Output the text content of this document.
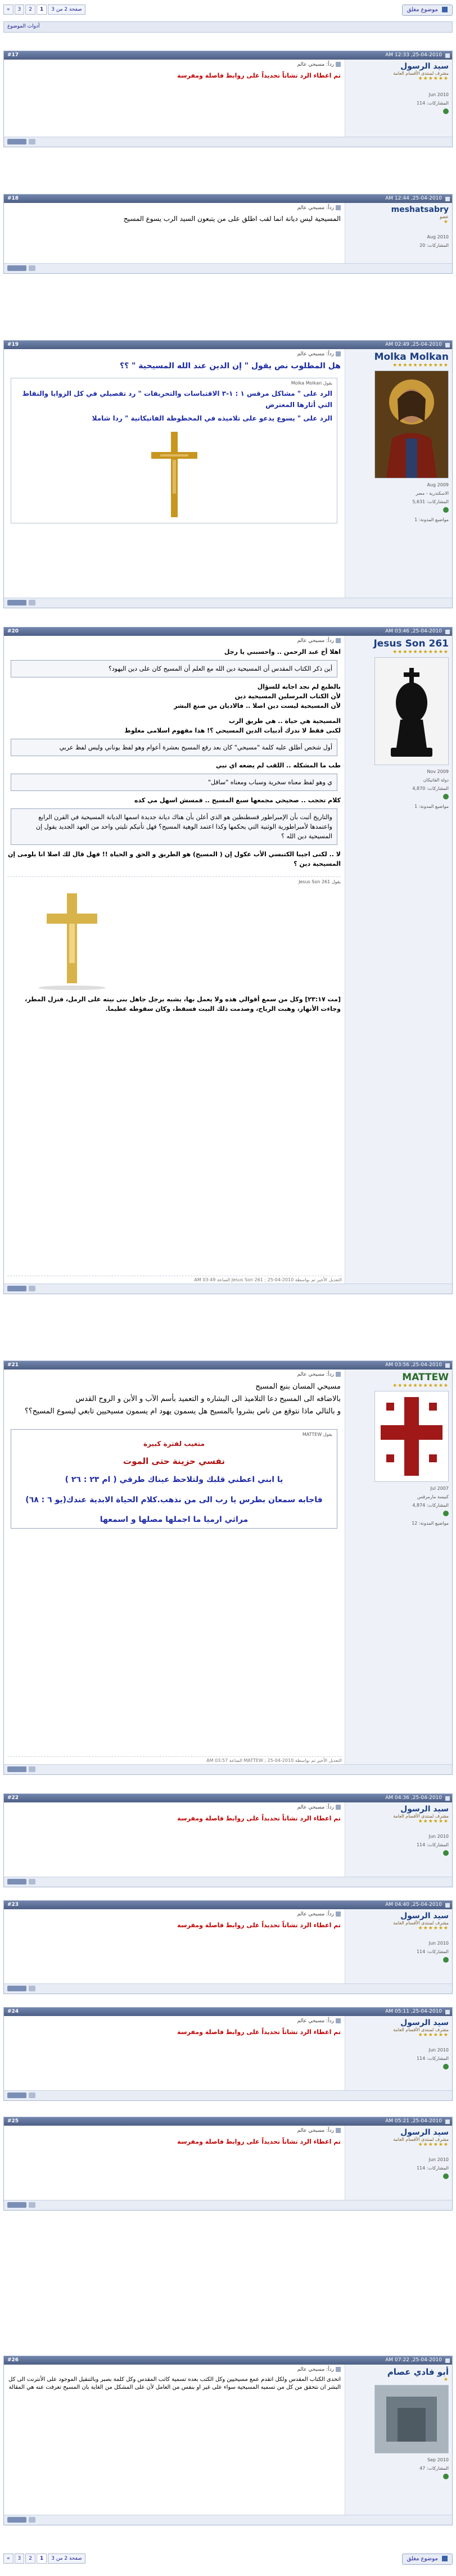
موضوع مغلق
صفحة 2 من 3
1
2
3
»
أدوات الموضوع
#17	25-04-2010, 12:33 AM
سيد الرسول
مشرف لمنتدى الأقسام العامة
★★★★★★
Jun 2010
المشاركات: 114
رداً: مسيحي عالم
تم اعطاء الرد تشاتاً تحديداً على روابط فاصلة ومفرسة
#18	25-04-2010, 12:44 AM
meshatsabry
عضو
★
Aug 2010
المشاركات: 20
رداً: مسيحي عالم
المسيحية ليس ديانة انما لقب اطلق على من يتبعون السيد الرب يسوع المسيح
#19	25-04-2010, 02:49 AM
Molka Molkan
★★★★★★★★★★★
Aug 2009
الاسكندرية - مصر
المشاركات: 5,631
مواضيع المدونة: 1
رداً: مسيحي عالم
هل المطلوب نص يقول " إن الدين عند الله المسيحية " ؟؟
يقول Molka Molkan
الرد على " مشاكل مرقس ١ : ١-٣ الاقتباسات والتحريفات " رد تفصيلي في كل الزوايا والنقاط التي أثارها المعترض
الرد على " يسوع يدعو على تلاميذه في المخطوطة الفاتيكانية " ردا شاملا
#20	25-04-2010, 03:46 AM
Jesus Son 261
★★★★★★★★★★★
Nov 2009
دولة الفاتيكان
المشاركات: 4,870
مواضيع المدونة: 1
رداً: مسيحي عالم
اهلا أخ عبد الرحمن .. واحسبني يا رجل
أين ذكر الكتاب المقدس أن المسيحية دين الله مع العلم أن المسيح كان على دين اليهود؟
بالطبع لم نجد اجابه للسؤال
لأن الكتاب المرسلين المسيحية دين
لأن المسيحية ليست دين اصلا .. فالاديان من صنع البشر
المسيحية هي حياة .. هي طريق الرب
لكنى فقط لا ندرك أدبيات الدين المسيحي ؟! هذا مفهوم اسلامى مغلوط
أول شخص أطلق عليه كلمة "مسيحي" كان بعد رفع المسيح بعشرة أعوام وهو لفظ يوناني وليس لفظ عربي
طب ما المشكله .. اللقب لم يضعه اي نبي
ي وهو لفظ معناه سخرية وسباب ومعناه "ساقل"
كلام تحجب .. صحيحي مجمعها سبع المسيح .. فمسش اسهل مي كده
والتاريخ أثبت بأن الإمبراطور قسطنطين هو الذي أعلن بأن هناك ديانة جديدة اسمها الديانة المسيحية في القرن الرابع واعتمدها لأمبراطورية الوثنية التي يحكمها وكذا اعتمد الوهية المسيح؟ فهل تأتيكم تليتي واحد من العهد الجديد يقول إن المسيحية دين الله ؟
لا .. لكنى اجيبا الكتبسي الأب عكول إن ( المسيح) هو الطريق و الحق و الحياة !! فهل قال لك اصلا انا يلومى إن المسيحية دين ؟
يقول Jesus Son 261
[مت ٢٣:١٧] وكل من سمع أقوالي هذه ولا يعمل بها، يشبه برجل جاهل بنى بيته على الرمل، فنزل المطر، وجاءت الأنهار، وهبت الرياح، وصدمت ذلك البيت فسقط، وكان سقوطه عظيما.
التعديل الأخير تم بواسطة Jesus Son 261 ; 25-04-2010 الساعة 03:49 AM
#21	25-04-2010, 03:56 AM
MATTEW
★★★★★★★★★★★
Jul 2007
كنيسة مارمرقس
المشاركات: 4,874
مواضيع المدونة: 12
رداً: مسيحي عالم
مسيحي المسان بنبع المسيح
بالاضافه الى المسيح دعا التلاميذ الى البشاره و التعميد بأسم الآب و الأبن و الروح القدس
و بالتالي ماذا نتوقع من ناس بشروا بالمسيح هل يسمون يهود ام يسمون مسيحيين تابعي ليسوع المسيح؟؟
يقول MATTEW
متغيب لفترة كبيرة
نفسي حزينة حتى الموت
يا ابني اعطني قلبك ولتلاحظ عيناك طرقي ( ام ٢٣ : ٢٦ )
فاجابه سمعان بطرس يا رب الى من نذهب.كلام الحياة الابدية عندك(يو ٦ : ٦٨)
مراثي ارميا ما اجملها مصلها و اسمعها
التعديل الأخير تم بواسطة MATTEW ; 25-04-2010 الساعة 03:57 AM
#22	25-04-2010, 04:36 AM
سيد الرسول
مشرف لمنتدى الأقسام العامة
★★★★★★
Jun 2010
المشاركات: 114
رداً: مسيحي عالم
تم اعطاء الرد تشاتاً تحديداً على روابط فاصلة ومفرسة
#23	25-04-2010, 04:40 AM
سيد الرسول
مشرف لمنتدى الأقسام العامة
★★★★★★
Jun 2010
المشاركات: 114
رداً: مسيحي عالم
تم اعطاء الرد تشاتاً تحديداً على روابط فاصلة ومفرسة
#24	25-04-2010, 05:11 AM
سيد الرسول
مشرف لمنتدى الأقسام العامة
★★★★★★
Jun 2010
المشاركات: 114
رداً: مسيحي عالم
تم اعطاء الرد تشاتاً تحديداً على روابط فاصلة ومفرسة
#25	25-04-2010, 05:21 AM
سيد الرسول
مشرف لمنتدى الأقسام العامة
★★★★★★
Jun 2010
المشاركات: 114
رداً: مسيحي عالم
تم اعطاء الرد تشاتاً تحديداً على روابط فاصلة ومفرسة
#26	25-04-2010, 07:22 AM
أبو فادي عصام
★
Sep 2010
المشاركات: 47
رداً: مسيحي عالم
اتحدى الكتاب المقدس ولكل اتقدم عمع مسيحيين وكل الكتب بعده تسمية كاتب المقدس وكل كلمة بصبر وبالتنقيل الموجود على الأنترنت الى كل البشر ان نتحقق من كل من تسميه المسيحية سواء على غير او بنفس من العامل لأن على المشكل من الغاية بان المسيح تعرفت عنه هي المقالة
موضوع مغلق
صفحة 2 من 3
1
2
3
»
